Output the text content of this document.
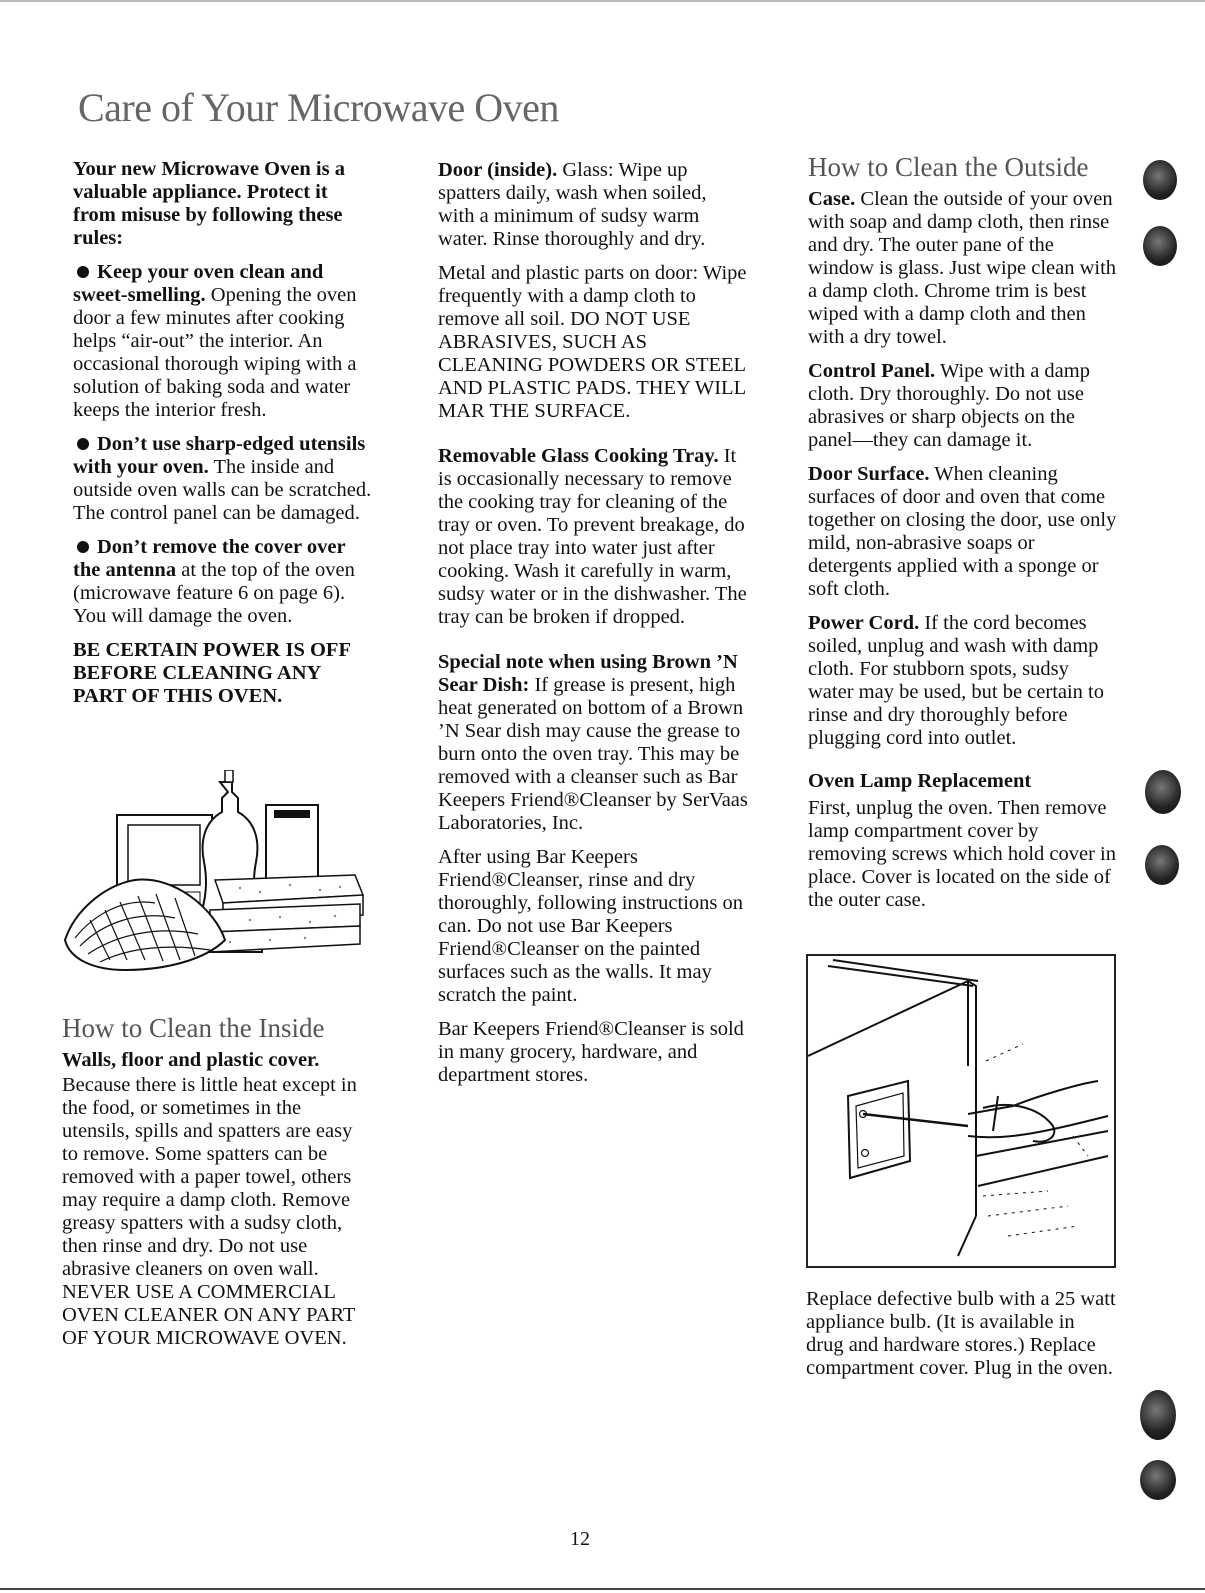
Care of Your Microwave Oven

Your new Microwave Oven is a valuable appliance. Protect it from misuse by following these rules:

Keep your oven clean and sweet-smelling. Opening the oven door a few minutes after cooking helps “air-out” the interior. An occasional thorough wiping with a solution of baking soda and water keeps the interior fresh.

Don’t use sharp-edged utensils with your oven. The inside and outside oven walls can be scratched. The control panel can be damaged.

Don’t remove the cover over the antenna at the top of the oven (microwave feature 6 on page 6). You will damage the oven.

BE CERTAIN POWER IS OFF BEFORE CLEANING ANY PART OF THIS OVEN.

How to Clean the Inside

Walls, floor and plastic cover.

Because there is little heat except in the food, or sometimes in the utensils, spills and spatters are easy to remove. Some spatters can be removed with a paper towel, others may require a damp cloth. Remove greasy spatters with a sudsy cloth, then rinse and dry. Do not use abrasive cleaners on oven wall.

NEVER USE A COMMERCIAL OVEN CLEANER ON ANY PART OF YOUR MICROWAVE OVEN.

Door (inside). Glass: Wipe up spatters daily, wash when soiled, with a minimum of sudsy warm water. Rinse thoroughly and dry.

Metal and plastic parts on door: Wipe frequently with a damp cloth to remove all soil. DO NOT USE ABRASIVES, SUCH AS CLEANING POWDERS OR STEEL AND PLASTIC PADS. THEY WILL MAR THE SURFACE.

Removable Glass Cooking Tray. It is occasionally necessary to remove the cooking tray for cleaning of the tray or oven. To prevent breakage, do not place tray into water just after cooking. Wash it carefully in warm, sudsy water or in the dishwasher. The tray can be broken if dropped.

Special note when using Brown ’N Sear Dish: If grease is present, high heat generated on bottom of a Brown ’N Sear dish may cause the grease to burn onto the oven tray. This may be removed with a cleanser such as Bar Keepers Friend®Cleanser by SerVaas Laboratories, Inc.

After using Bar Keepers Friend®Cleanser, rinse and dry thoroughly, following instructions on can. Do not use Bar Keepers Friend®Cleanser on the painted surfaces such as the walls. It may scratch the paint.

Bar Keepers Friend®Cleanser is sold in many grocery, hardware, and department stores.

How to Clean the Outside

Case. Clean the outside of your oven with soap and damp cloth, then rinse and dry. The outer pane of the window is glass. Just wipe clean with a damp cloth. Chrome trim is best wiped with a damp cloth and then with a dry towel.

Control Panel. Wipe with a damp cloth. Dry thoroughly. Do not use abrasives or sharp objects on the panel—they can damage it.

Door Surface. When cleaning surfaces of door and oven that come together on closing the door, use only mild, non-abrasive soaps or detergents applied with a sponge or soft cloth.

Power Cord. If the cord becomes soiled, unplug and wash with damp cloth. For stubborn spots, sudsy water may be used, but be certain to rinse and dry thoroughly before plugging cord into outlet.

Oven Lamp Replacement

First, unplug the oven. Then remove lamp compartment cover by removing screws which hold cover in place. Cover is located on the side of the outer case.

Replace defective bulb with a 25 watt appliance bulb. (It is available in drug and hardware stores.) Replace compartment cover. Plug in the oven.
12
